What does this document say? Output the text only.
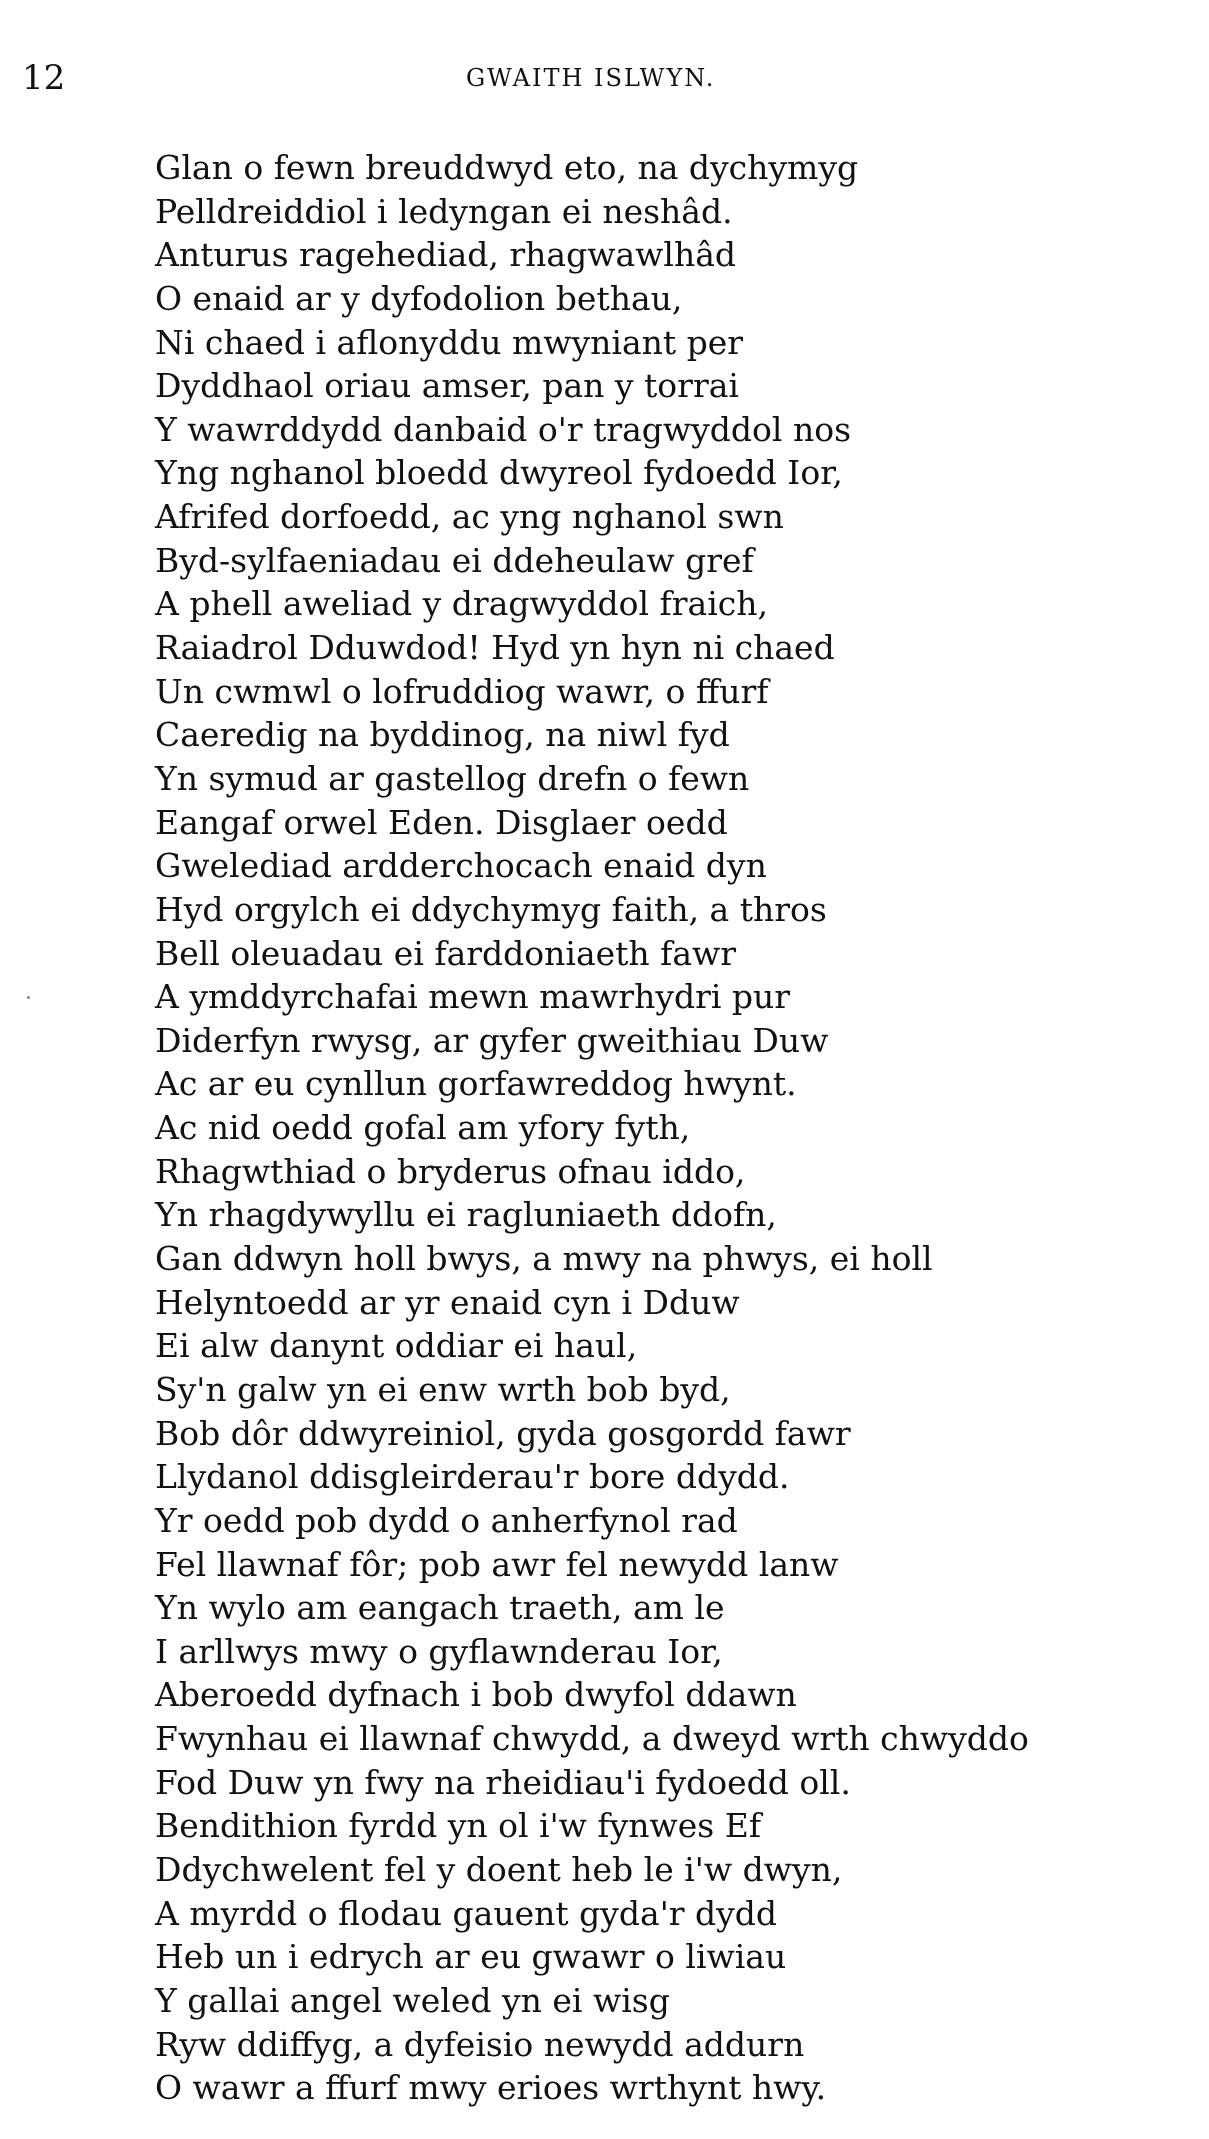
12	GWAITH ISLWYN.
Glan o fewn breuddwyd eto, na dychymyg
Pelldreiddiol i ledyngan ei neshâd.
Anturus ragehediad, rhagwawlhâd
O enaid ar y dyfodolion bethau,
Ni chaed i aflonyddu mwyniant per
Dyddhaol oriau amser, pan y torrai
Y wawrddydd danbaid o'r tragwyddol nos
Yng nghanol bloedd dwyreol fydoedd Ior,
Afrifed dorfoedd, ac yng nghanol swn
Byd-sylfaeniadau ei ddeheulaw gref
A phell aweliad y dragwyddol fraich,
Raiadrol Dduwdod! Hyd yn hyn ni chaed
Un cwmwl o lofruddiog wawr, o ffurf
Caeredig na byddinog, na niwl fyd
Yn symud ar gastellog drefn o fewn
Eangaf orwel Eden. Disglaer oedd
Gwelediad ardderchocach enaid dyn
Hyd orgylch ei ddychymyg faith, a thros
Bell oleuadau ei farddoniaeth fawr
A ymddyrchafai mewn mawrhydri pur
Diderfyn rwysg, ar gyfer gweithiau Duw
Ac ar eu cynllun gorfawreddog hwynt.
Ac nid oedd gofal am yfory fyth,
Rhagwthiad o bryderus ofnau iddo,
Yn rhagdywyllu ei ragluniaeth ddofn,
Gan ddwyn holl bwys, a mwy na phwys, ei holl
Helyntoedd ar yr enaid cyn i Dduw
Ei alw danynt oddiar ei haul,
Sy'n galw yn ei enw wrth bob byd,
Bob dôr ddwyreiniol, gyda gosgordd fawr
Llydanol ddisgleirderau'r bore ddydd.
Yr oedd pob dydd o anherfynol rad
Fel llawnaf fôr; pob awr fel newydd lanw
Yn wylo am eangach traeth, am le
I arllwys mwy o gyflawnderau Ior,
Aberoedd dyfnach i bob dwyfol ddawn
Fwynhau ei llawnaf chwydd, a dweyd wrth chwyddo
Fod Duw yn fwy na rheidiau'i fydoedd oll.
Bendithion fyrdd yn ol i'w fynwes Ef
Ddychwelent fel y doent heb le i'w dwyn,
A myrdd o flodau gauent gyda'r dydd
Heb un i edrych ar eu gwawr o liwiau
Y gallai angel weled yn ei wisg
Ryw ddiffyg, a dyfeisio newydd addurn
O wawr a ffurf mwy erioes wrthynt hwy.
